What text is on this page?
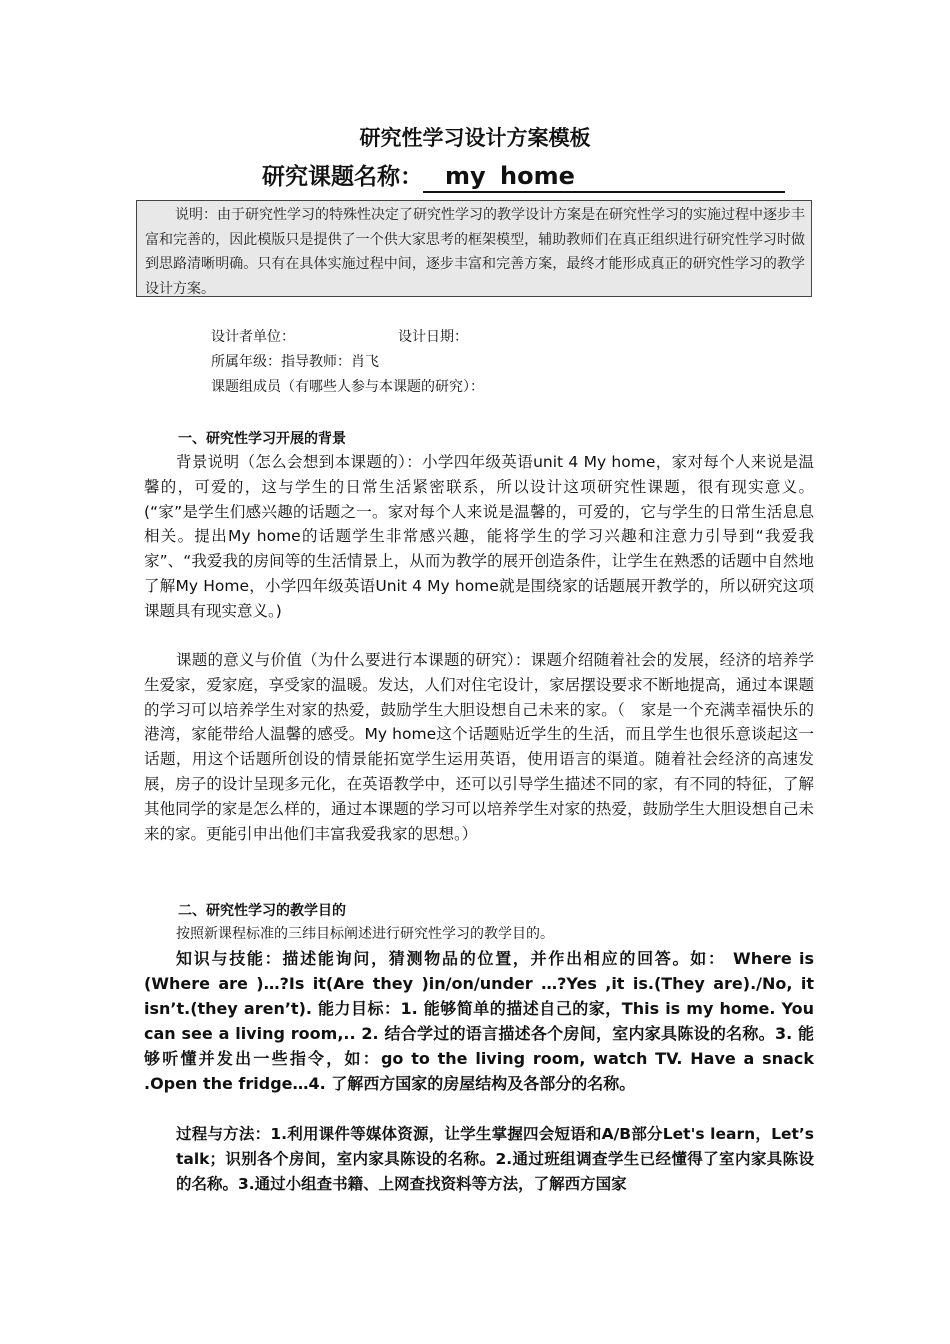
研究性学习设计方案模板
研究课题名称： my home
说明：由于研究性学习的特殊性决定了研究性学习的教学设计方案是在研究性学习的实施过程中逐步丰富和完善的，因此模版只是提供了一个供大家思考的框架模型，辅助教师们在真正组织进行研究性学习时做到思路清晰明确。只有在具体实施过程中间，逐步丰富和完善方案，最终才能形成真正的研究性学习的教学设计方案。
设计者单位：	设计日期：
所属年级：指导教师：肖飞
课题组成员（有哪些人参与本课题的研究）：
一、研究性学习开展的背景

背景说明（怎么会想到本课题的）：小学四年级英语unit 4 My home，家对每个人来说是温馨的，可爱的，这与学生的日常生活紧密联系，所以设计这项研究性课题，很有现实意义。(“家”是学生们感兴趣的话题之一。家对每个人来说是温馨的，可爱的，它与学生的日常生活息息相关。提出My home的话题学生非常感兴趣，能将学生的学习兴趣和注意力引导到“我爱我家”、“我爱我的房间等的生活情景上，从而为教学的展开创造条件，让学生在熟悉的话题中自然地了解My Home，小学四年级英语Unit 4 My home就是围绕家的话题展开教学的，所以研究这项课题具有现实意义。)

课题的意义与价值（为什么要进行本课题的研究）：课题介绍随着社会的发展，经济的培养学生爱家，爱家庭，享受家的温暖。发达，人们对住宅设计，家居摆设要求不断地提高，通过本课题的学习可以培养学生对家的热爱，鼓励学生大胆设想自己未来的家。（　家是一个充满幸福快乐的港湾，家能带给人温馨的感受。My home这个话题贴近学生的生活，而且学生也很乐意谈起这一话题，用这个话题所创设的情景能拓宽学生运用英语，使用语言的渠道。随着社会经济的高速发展，房子的设计呈现多元化，在英语教学中，还可以引导学生描述不同的家，有不同的特征，了解其他同学的家是怎么样的，通过本课题的学习可以培养学生对家的热爱，鼓励学生大胆设想自己未来的家。更能引申出他们丰富我爱我家的思想。）

二、研究性学习的教学目的

按照新课程标准的三纬目标阐述进行研究性学习的教学目的。

知识与技能：描述能询问，猜测物品的位置，并作出相应的回答。如： Where is (Where are )…?Is it(Are they )in/on/under …?Yes ,it is.(They are)./No, it isn’t.(they aren’t). 能力目标：1. 能够简单的描述自己的家，This is my home. You can see a living room,.. 2. 结合学过的语言描述各个房间，室内家具陈设的名称。3. 能够听懂并发出一些指令，如：go to the living room, watch TV. Have a snack .Open the fridge…4. 了解西方国家的房屋结构及各部分的名称。

过程与方法：1.利用课件等媒体资源，让学生掌握四会短语和A/B部分Let's learn，Let’s talk；识别各个房间，室内家具陈设的名称。2.通过班组调查学生已经懂得了室内家具陈设的名称。3.通过小组查书籍、上网查找资料等方法，了解西方国家
